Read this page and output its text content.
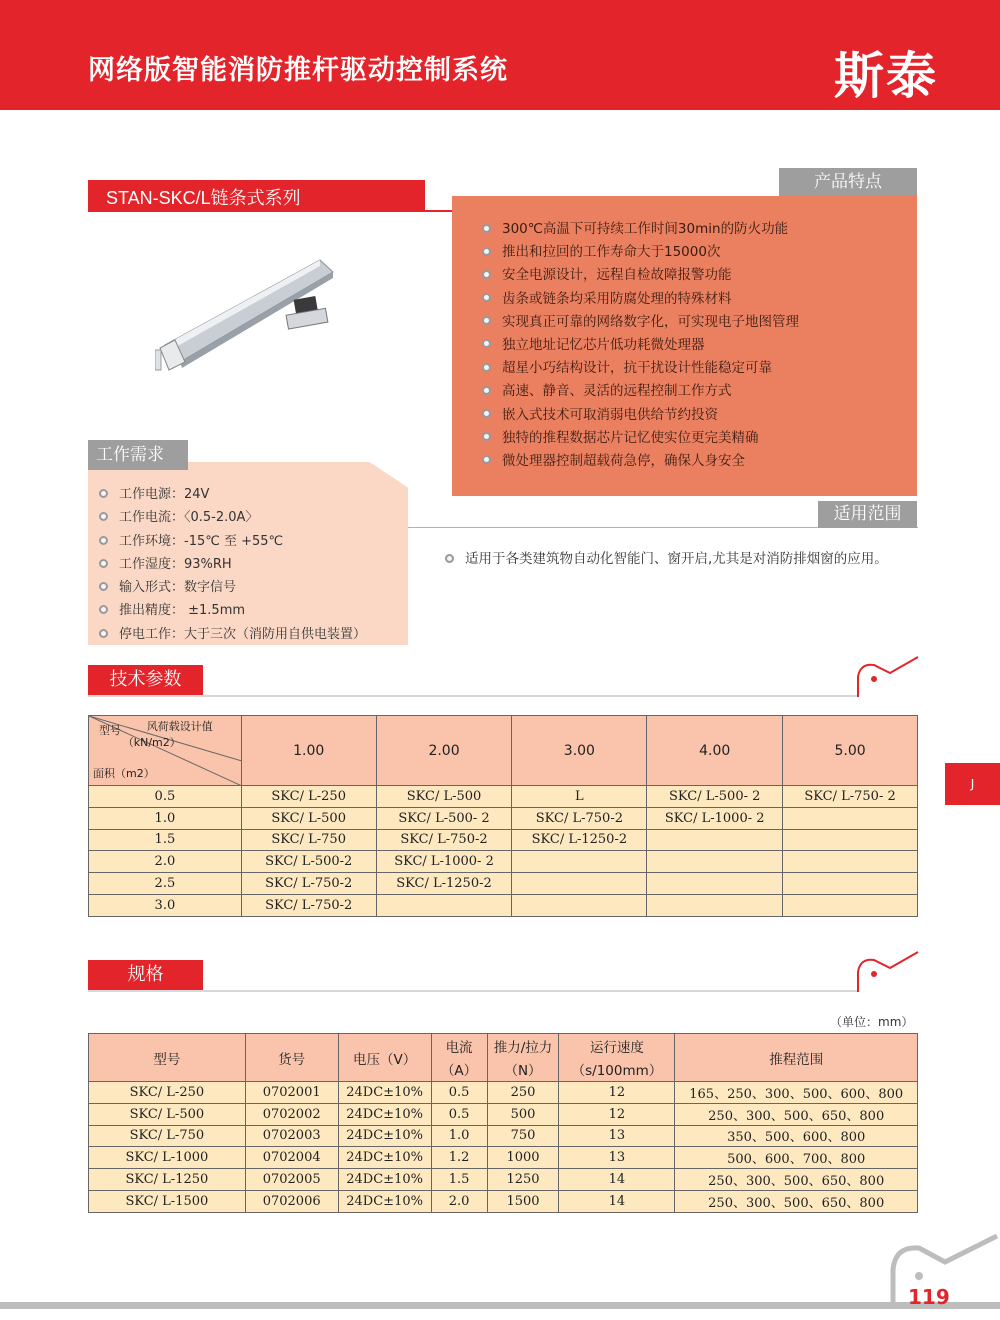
网络版智能消防推杆驱动控制系统	斯泰
STAN-SKC/L链条式系列
产品特点
300℃高温下可持续工作时间30min的防火功能
推出和拉回的工作寿命大于15000次
安全电源设计，远程自检故障报警功能
齿条或链条均采用防腐处理的特殊材料
实现真正可靠的网络数字化，可实现电子地图管理
独立地址记忆芯片低功耗微处理器
超星小巧结构设计，抗干扰设计性能稳定可靠
高速、静音、灵活的远程控制工作方式
嵌入式技术可取消弱电供给节约投资
独特的推程数据芯片记忆使实位更完美精确
微处理器控制超载荷急停，确保人身安全
工作需求
工作电源：24V
工作电流：〈0.5-2.0A〉
工作环境：-15℃ 至 +55℃
工作湿度：93%RH
输入形式：数字信号
推出精度： ±1.5mm
停电工作：大于三次（消防用自供电装置）
适用范围
适用于各类建筑物自动化智能门、窗开启,尤其是对消防排烟窗的应用。
技术参数
J
型号 风荷载设计值
（kN/m2）
面积（m2）	1.00	2.00	3.00	4.00	5.00
0.5	SKC/ L-250	SKC/ L-500	L	SKC/ L-500- 2	SKC/ L-750- 2
1.0	SKC/ L-500	SKC/ L-500- 2	SKC/ L-750-2	SKC/ L-1000- 2	
1.5	SKC/ L-750	SKC/ L-750-2	SKC/ L-1250-2		
2.0	SKC/ L-500-2	SKC/ L-1000- 2			
2.5	SKC/ L-750-2	SKC/ L-1250-2			
3.0	SKC/ L-750-2				
规格
（单位：mm）
型号	货号	电压（V）	电流	推力/拉力	运行速度	推程范围
			（A）	（N）	（s/100mm）	
SKC/ L-250	0702001	24DC±10%	0.5	250	12	165、250、300、500、600、800
SKC/ L-500	0702002	24DC±10%	0.5	500	12	250、300、500、650、800
SKC/ L-750	0702003	24DC±10%	1.0	750	13	350、500、600、800
SKC/ L-1000	0702004	24DC±10%	1.2	1000	13	500、600、700、800
SKC/ L-1250	0702005	24DC±10%	1.5	1250	14	250、300、500、650、800
SKC/ L-1500	0702006	24DC±10%	2.0	1500	14	250、300、500、650、800
119
